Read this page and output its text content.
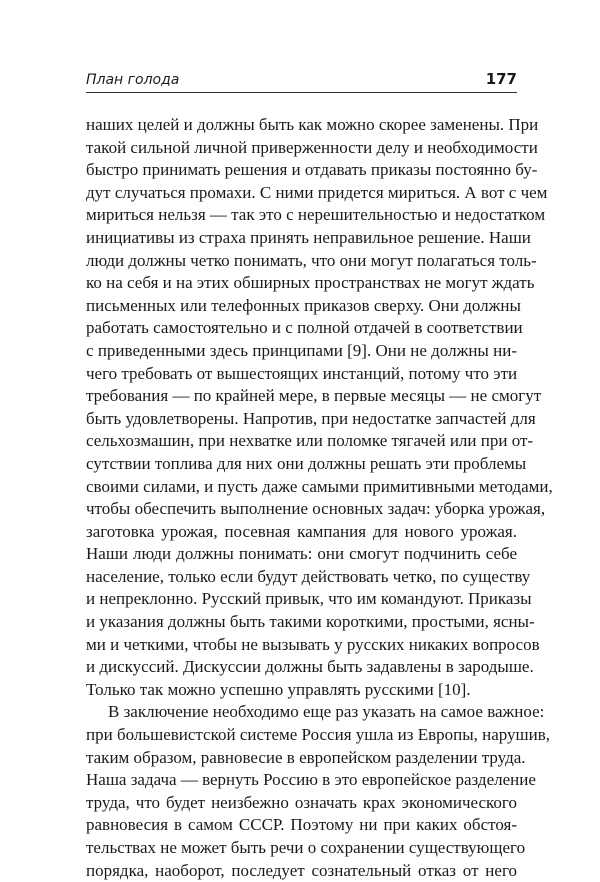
План голода	177
наших целей и должны быть как можно скорее заменены. При
такой сильной личной приверженности делу и необходимости
быстро принимать решения и отдавать приказы постоянно бу-
дут случаться промахи. С ними придется мириться. А вот с чем
мириться нельзя — так это с нерешительностью и недостатком
инициативы из страха принять неправильное решение. Наши
люди должны четко понимать, что они могут полагаться толь-
ко на себя и на этих обширных пространствах не могут ждать
письменных или телефонных приказов сверху. Они должны
работать самостоятельно и с полной отдачей в соответствии
с приведенными здесь принципами [9]. Они не должны ни-
чего требовать от вышестоящих инстанций, потому что эти
требования — по крайней мере, в первые месяцы — не смогут
быть удовлетворены. Напротив, при недостатке запчастей для
сельхозмашин, при нехватке или поломке тягачей или при от-
сутствии топлива для них они должны решать эти проблемы
своими силами, и пусть даже самыми примитивными методами,
чтобы обеспечить выполнение основных задач: уборка урожая,
заготовка урожая, посевная кампания для нового урожая.
Наши люди должны понимать: они смогут подчинить себе
население, только если будут действовать четко, по существу
и непреклонно. Русский привык, что им командуют. Приказы
и указания должны быть такими короткими, простыми, ясны-
ми и четкими, чтобы не вызывать у русских никаких вопросов
и дискуссий. Дискуссии должны быть задавлены в зародыше.
Только так можно успешно управлять русскими [10].
В заключение необходимо еще раз указать на самое важное:
при большевистской системе Россия ушла из Европы, нарушив,
таким образом, равновесие в европейском разделении труда.
Наша задача — вернуть Россию в это европейское разделение
труда, что будет неизбежно означать крах экономического
равновесия в самом СССР. Поэтому ни при каких обстоя-
тельствах не может быть речи о сохранении существующего
порядка, наоборот, последует сознательный отказ от него
